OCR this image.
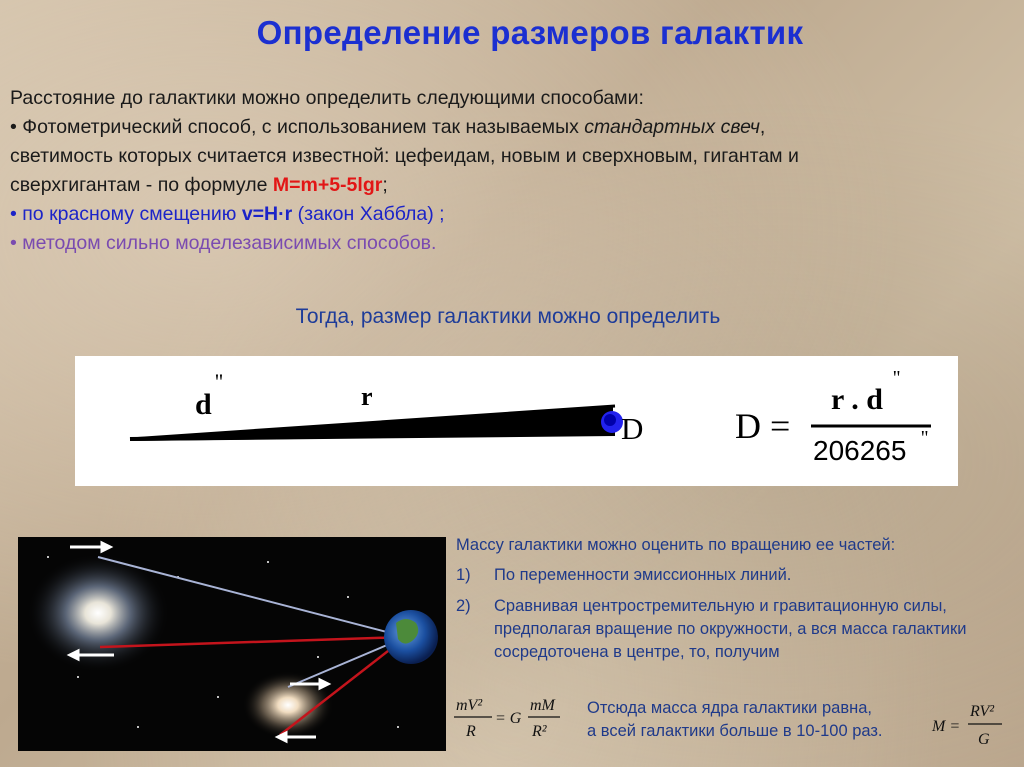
Определение размеров галактик
Расстояние до галактики можно определить следующими способами:
• Фотометрический способ, с использованием так называемых стандартных свеч,
светимость которых считается известной: цефеидам, новым и сверхновым, гигантам и
сверхгигантам - по формуле M=m+5-5lgr;
• по красному смещению v=H·r (закон Хаббла) ;
• методом сильно моделезависимых способов.
Тогда, размер галактики можно определить
d
''
r
D	D =
r . d
''
206265 ''
Массу галактики можно оценить по вращению ее частей:
1)	По переменности эмиссионных линий.
2)	Сравнивая центростремительную и гравитационную силы, предполагая вращение по окружности, а вся масса галактики сосредоточена в центре, то, получим
mV²
R
= G
mM
R²
Отсюда масса ядра галактики равна,
а всей галактики больше в 10-100 раз.	M =
RV²
G
